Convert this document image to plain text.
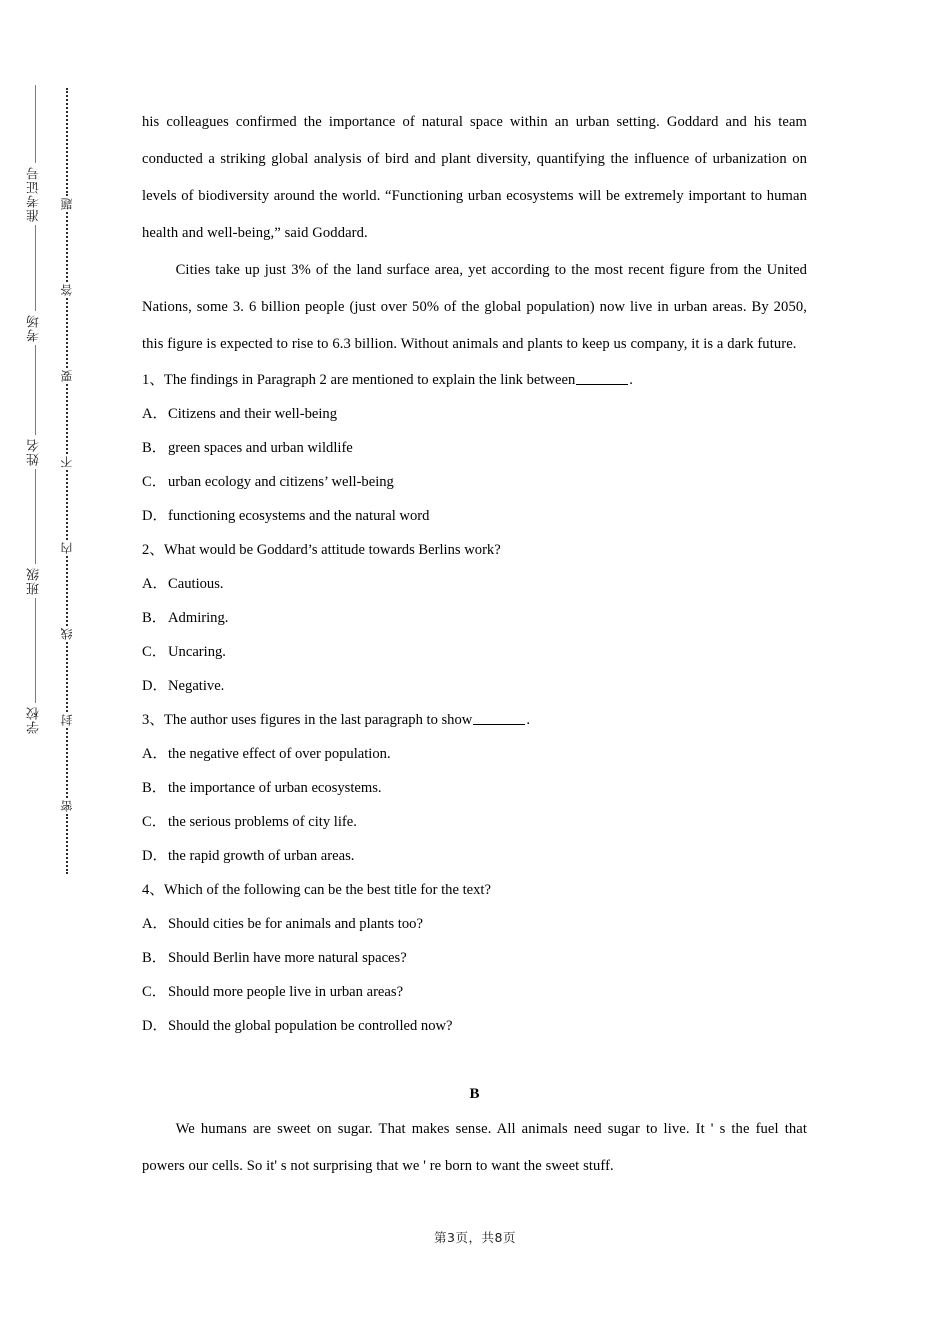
准考证号
考场
姓名
班级
学校
题
答
要
不
内
线
封
密

his colleagues confirmed the importance of natural space within an urban setting. Goddard and his team conducted a striking global analysis of bird and plant diversity, quantifying the influence of urbanization on levels of biodiversity around the world. “Functioning urban ecosystems will be extremely important to human health and well-being,” said Goddard.

Cities take up just 3% of the land surface area, yet according to the most recent figure from the United Nations, some 3. 6 billion people (just over 50% of the global population) now live in urban areas. By 2050, this figure is expected to rise to 6.3 billion. Without animals and plants to keep us company, it is a dark future.

1、The findings in Paragraph 2 are mentioned to explain the link between	.

A．Citizens and their well-being

B． green spaces and urban wildlife

C． urban ecology and citizens’ well-being

D．functioning ecosystems and the natural word

2、What would be Goddard’s attitude towards Berlins work?

A．Cautious.

B． Admiring.

C． Uncaring.

D．Negative.

3、The author uses figures in the last paragraph to show	.

A．the negative effect of over population.

B． the importance of urban ecosystems.

C． the serious problems of city life.

D．the rapid growth of urban areas.

4、Which of the following can be the best title for the text?

A．Should cities be for animals and plants too?

B． Should Berlin have more natural spaces?

C． Should more people live in urban areas?

D．Should the global population be controlled now?

B

We humans are sweet on sugar. That makes sense. All animals need sugar to live. It ' s the fuel that powers our cells. So it' s not surprising that we ' re born to want the sweet stuff.

第3页，共8页
